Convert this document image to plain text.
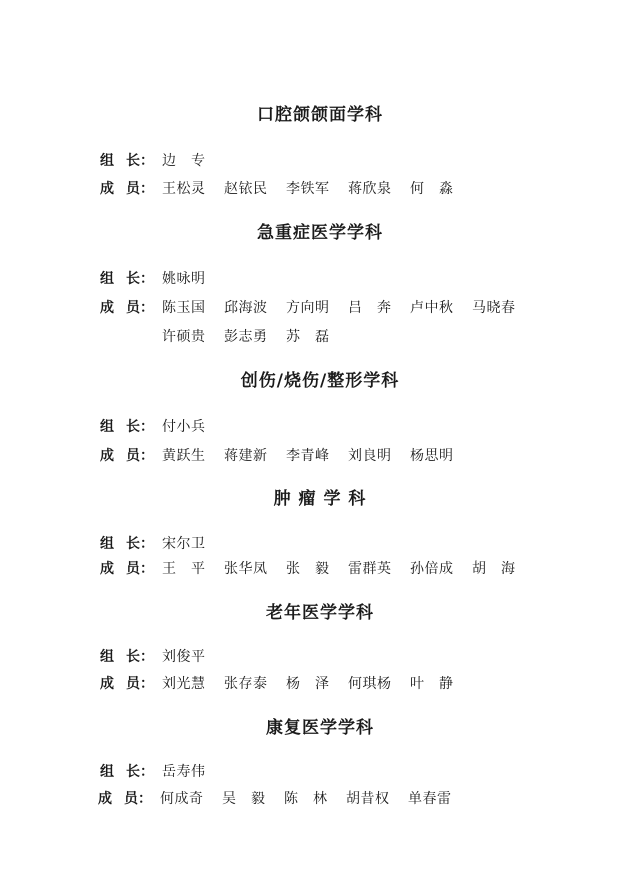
口腔颌颌面学科
组 长： 边　专
成 员： 王松灵 赵铱民 李铁军 蒋欣泉 何　淼
急重症医学学科
组 长： 姚咏明
成 员： 陈玉国 邱海波 方向明 吕　奔 卢中秋 马晓春
许硕贵 彭志勇 苏　磊
创伤/烧伤/整形学科
组 长： 付小兵
成 员： 黄跃生 蒋建新 李青峰 刘良明 杨思明
肿 瘤 学 科
组 长： 宋尔卫
成 员： 王　平 张华凤 张　毅 雷群英 孙倍成 胡　海
老年医学学科
组 长： 刘俊平
成 员： 刘光慧 张存泰 杨　泽 何琪杨 叶　静
康复医学学科
组 长： 岳寿伟
成 员： 何成奇 吴　毅 陈　林 胡昔权 单春雷
